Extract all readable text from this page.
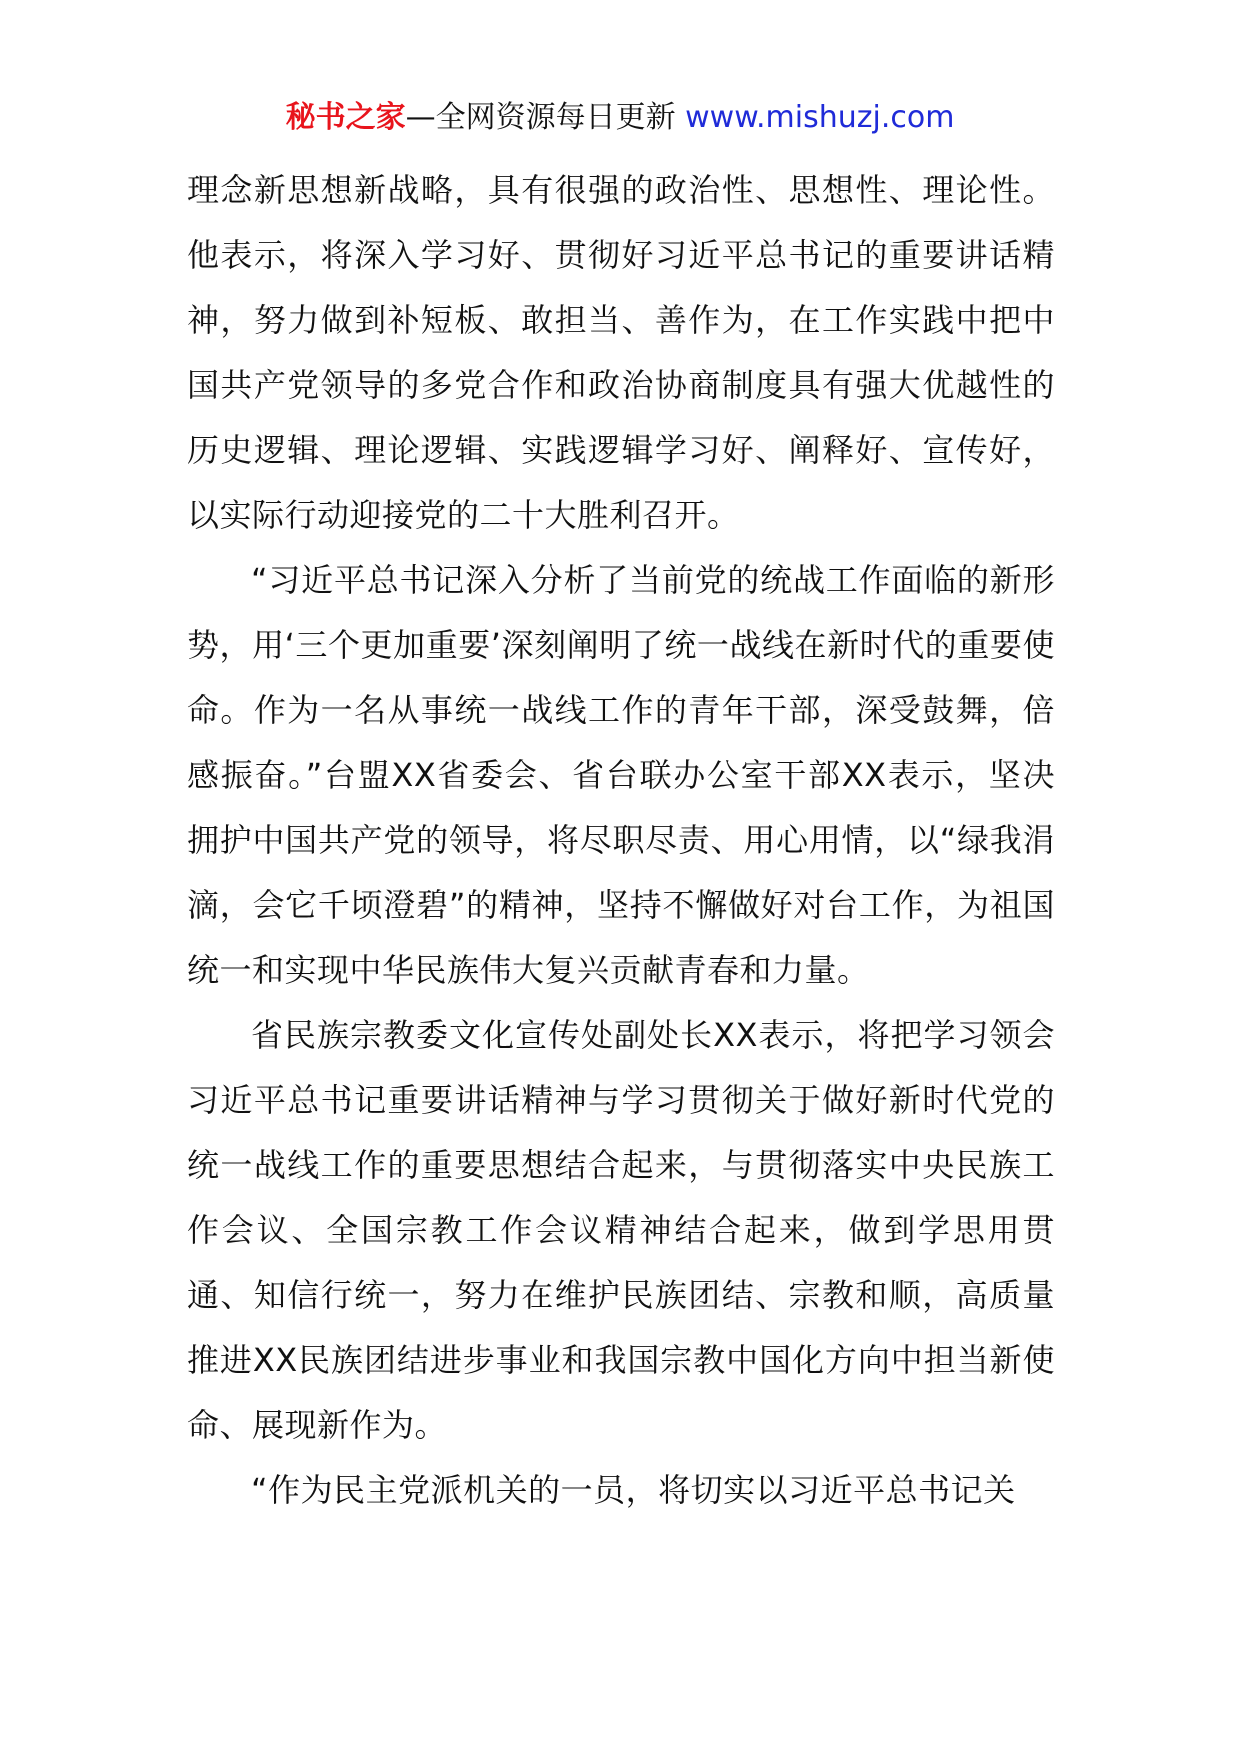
秘书之家—全网资源每日更新 www.mishuzj.com

理念新思想新战略，具有很强的政治性、思想性、理论性。他表示，将深入学习好、贯彻好习近平总书记的重要讲话精神，努力做到补短板、敢担当、善作为，在工作实践中把中国共产党领导的多党合作和政治协商制度具有强大优越性的历史逻辑、理论逻辑、实践逻辑学习好、阐释好、宣传好，以实际行动迎接党的二十大胜利召开。

“习近平总书记深入分析了当前党的统战工作面临的新形势，用‘三个更加重要’深刻阐明了统一战线在新时代的重要使命。作为一名从事统一战线工作的青年干部，深受鼓舞，倍感振奋。”台盟XX省委会、省台联办公室干部XX表示，坚决拥护中国共产党的领导，将尽职尽责、用心用情，以“绿我涓滴，会它千顷澄碧”的精神，坚持不懈做好对台工作，为祖国统一和实现中华民族伟大复兴贡献青春和力量。

省民族宗教委文化宣传处副处长XX表示，将把学习领会习近平总书记重要讲话精神与学习贯彻关于做好新时代党的统一战线工作的重要思想结合起来，与贯彻落实中央民族工作会议、全国宗教工作会议精神结合起来，做到学思用贯通、知信行统一，努力在维护民族团结、宗教和顺，高质量推进XX民族团结进步事业和我国宗教中国化方向中担当新使命、展现新作为。

“作为民主党派机关的一员，将切实以习近平总书记关
